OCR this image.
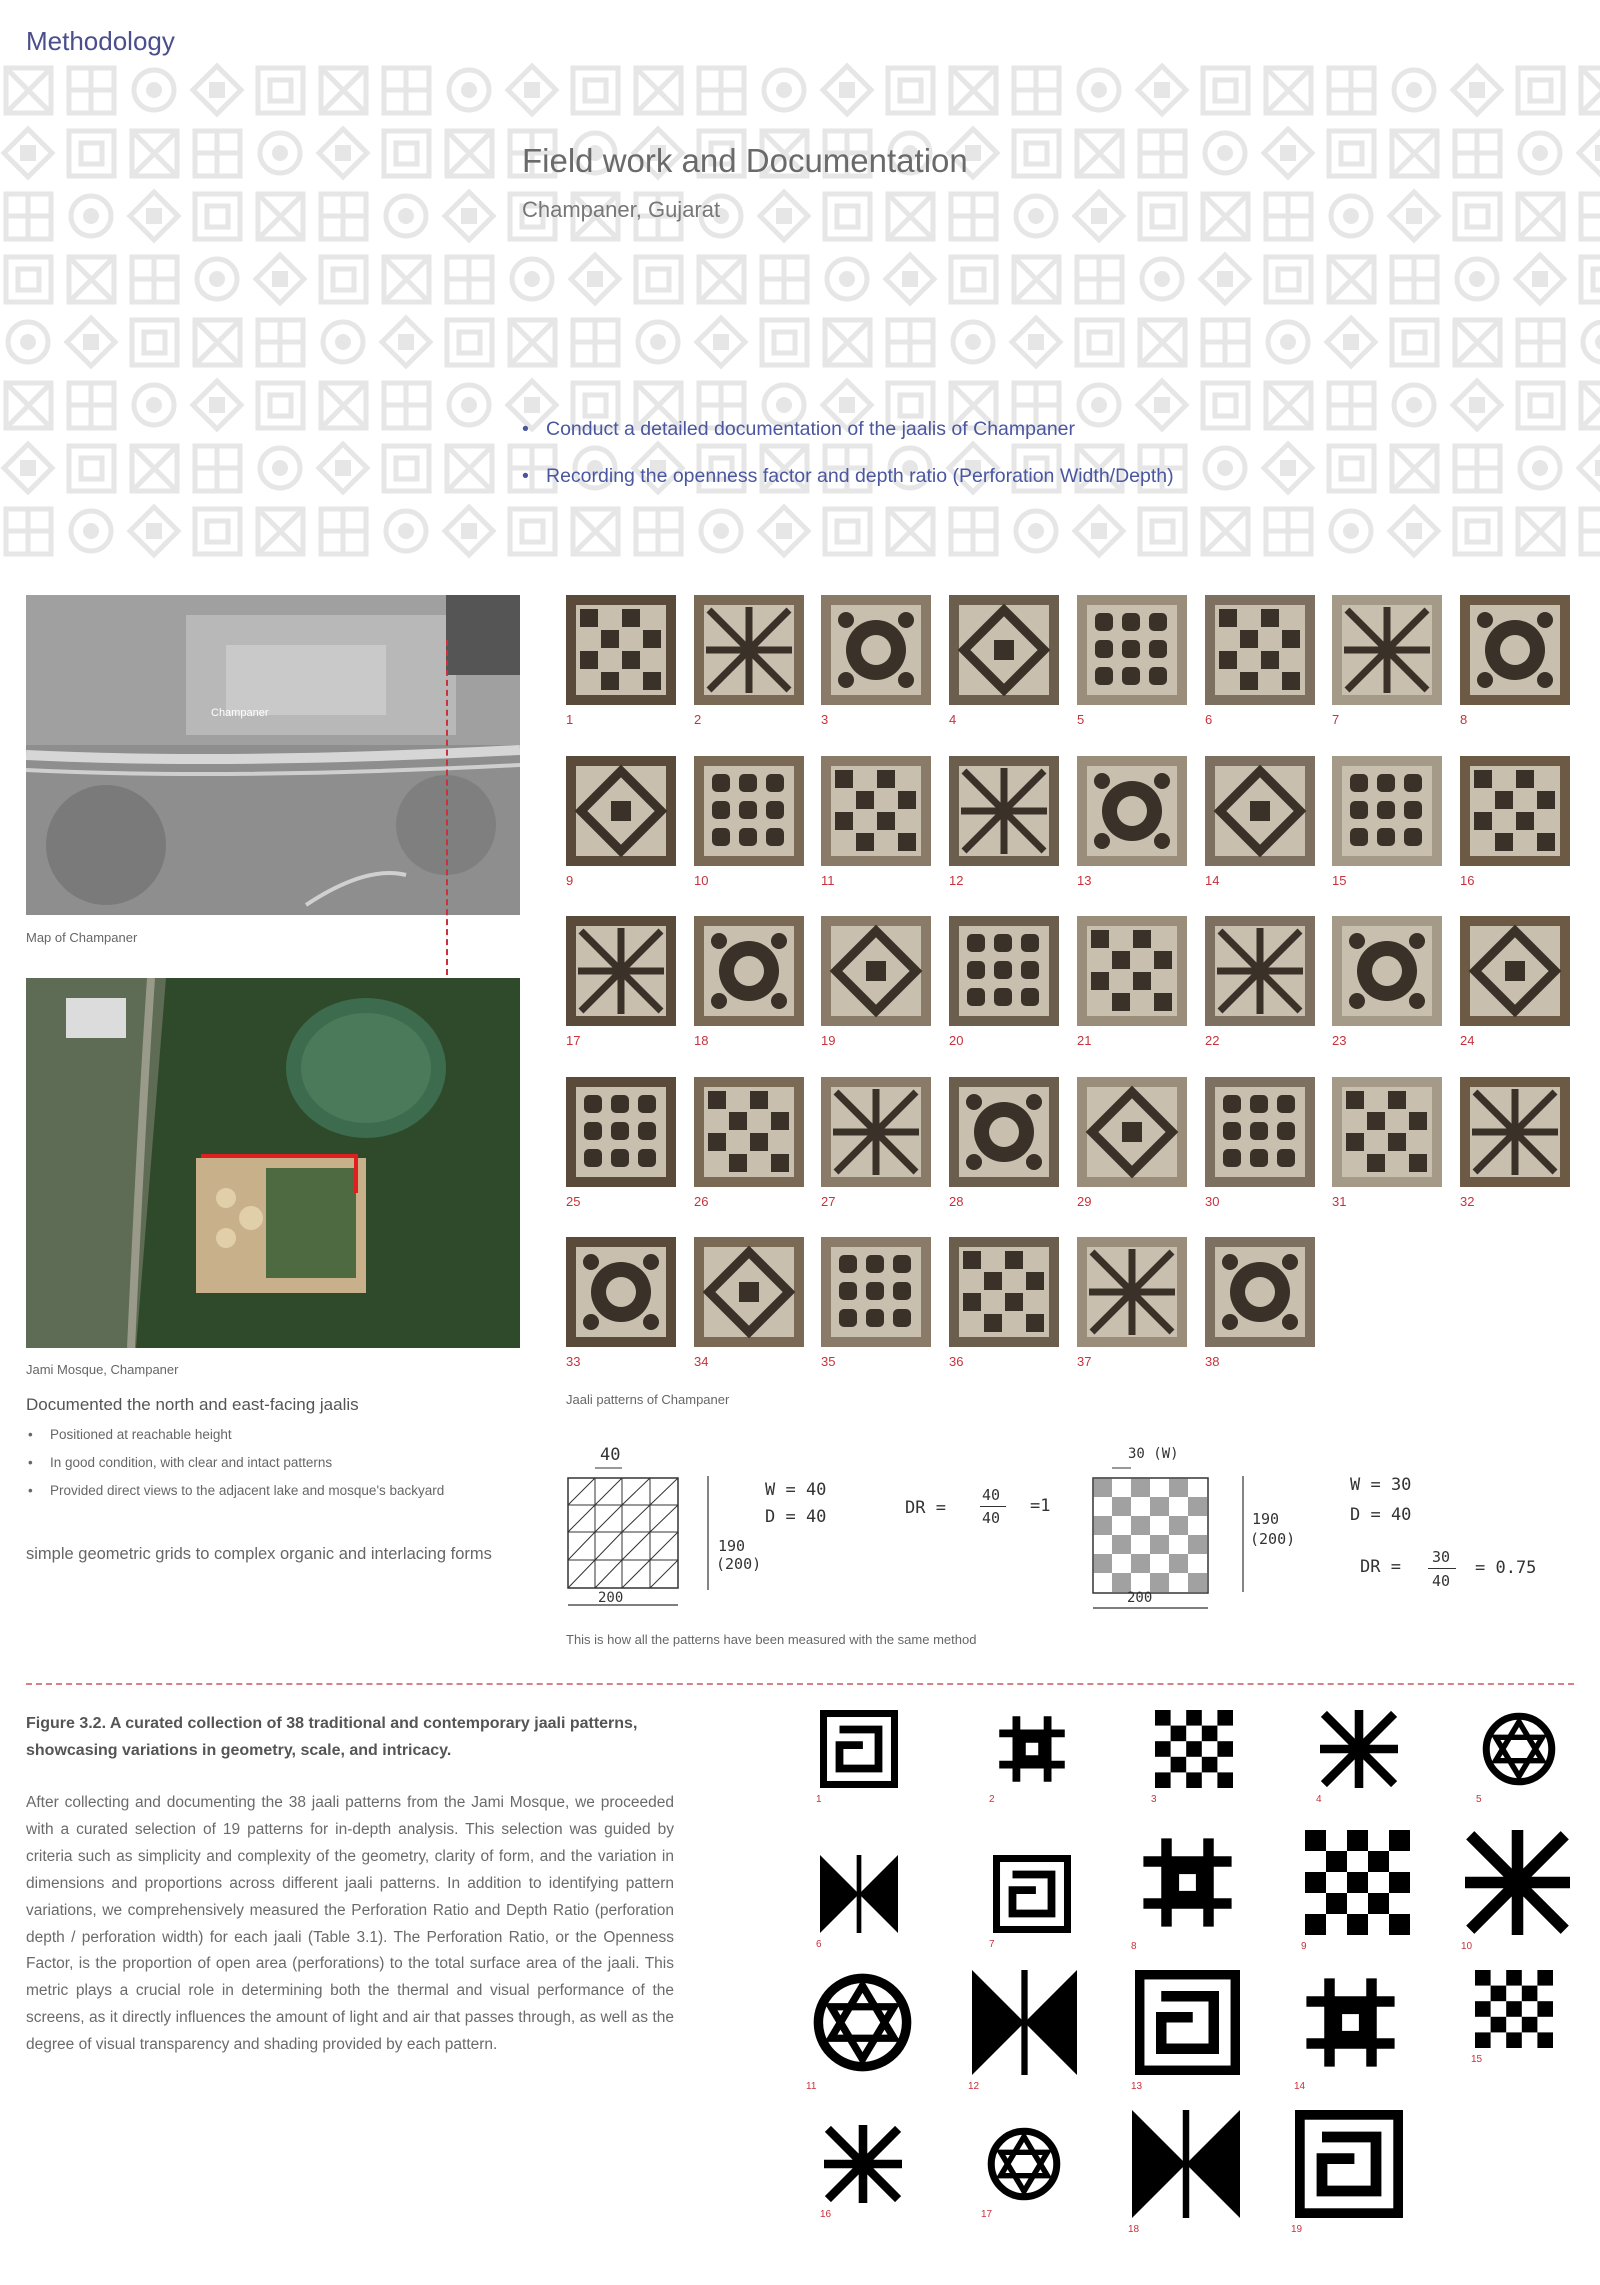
Methodology
Field work and Documentation
Champaner, Gujarat
• Conduct a detailed documentation of the jaalis of Champaner
• Recording the openness factor and depth ratio (Perforation Width/Depth)
Champaner
Map of Champaner
Jami Mosque, Champaner
Documented the north and east-facing jaalis
• Positioned at reachable height
• In good condition, with clear and intact patterns
• Provided direct views to the adjacent lake and mosque's backyard
simple geometric grids to complex organic and interlacing forms
1	2	3	4	5	6	7	8
9	10	11	12	13	14	15	16
17	18	19	20	21	22	23	24
25	26	27	28	29	30	31	32
33	34	35	36	37	38
Jaali patterns of Champaner
40
190
(200)
200
W = 40
D = 40	DR =
40
40
=1
30 (W)
190
(200)
200
W = 30
D = 40
DR = 30
40
= 0.75
This is how all the patterns have been measured with the same method
Figure 3.2. A curated collection of 38 traditional and contemporary jaali patterns, showcasing variations in geometry, scale, and intricacy.
After collecting and documenting the 38 jaali patterns from the Jami Mosque, we proceeded with a curated selection of 19 patterns for in-depth analysis. This selection was guided by criteria such as simplicity and complexity of the geometry, clarity of form, and the variation in dimensions and proportions across different jaali patterns. In addition to identifying pattern variations, we comprehensively measured the Perforation Ratio and Depth Ratio (perforation depth / perforation width) for each jaali (Table 3.1). The Perforation Ratio, or the Openness Factor, is the proportion of open area (perforations) to the total surface area of the jaali. This metric plays a crucial role in determining both the thermal and visual performance of the screens, as it directly influences the amount of light and air that passes through, as well as the degree of visual transparency and shading provided by each pattern.
1	2	3	4	5
6	7	8	9	10
11	12	13	14
15
16	17
18	19
